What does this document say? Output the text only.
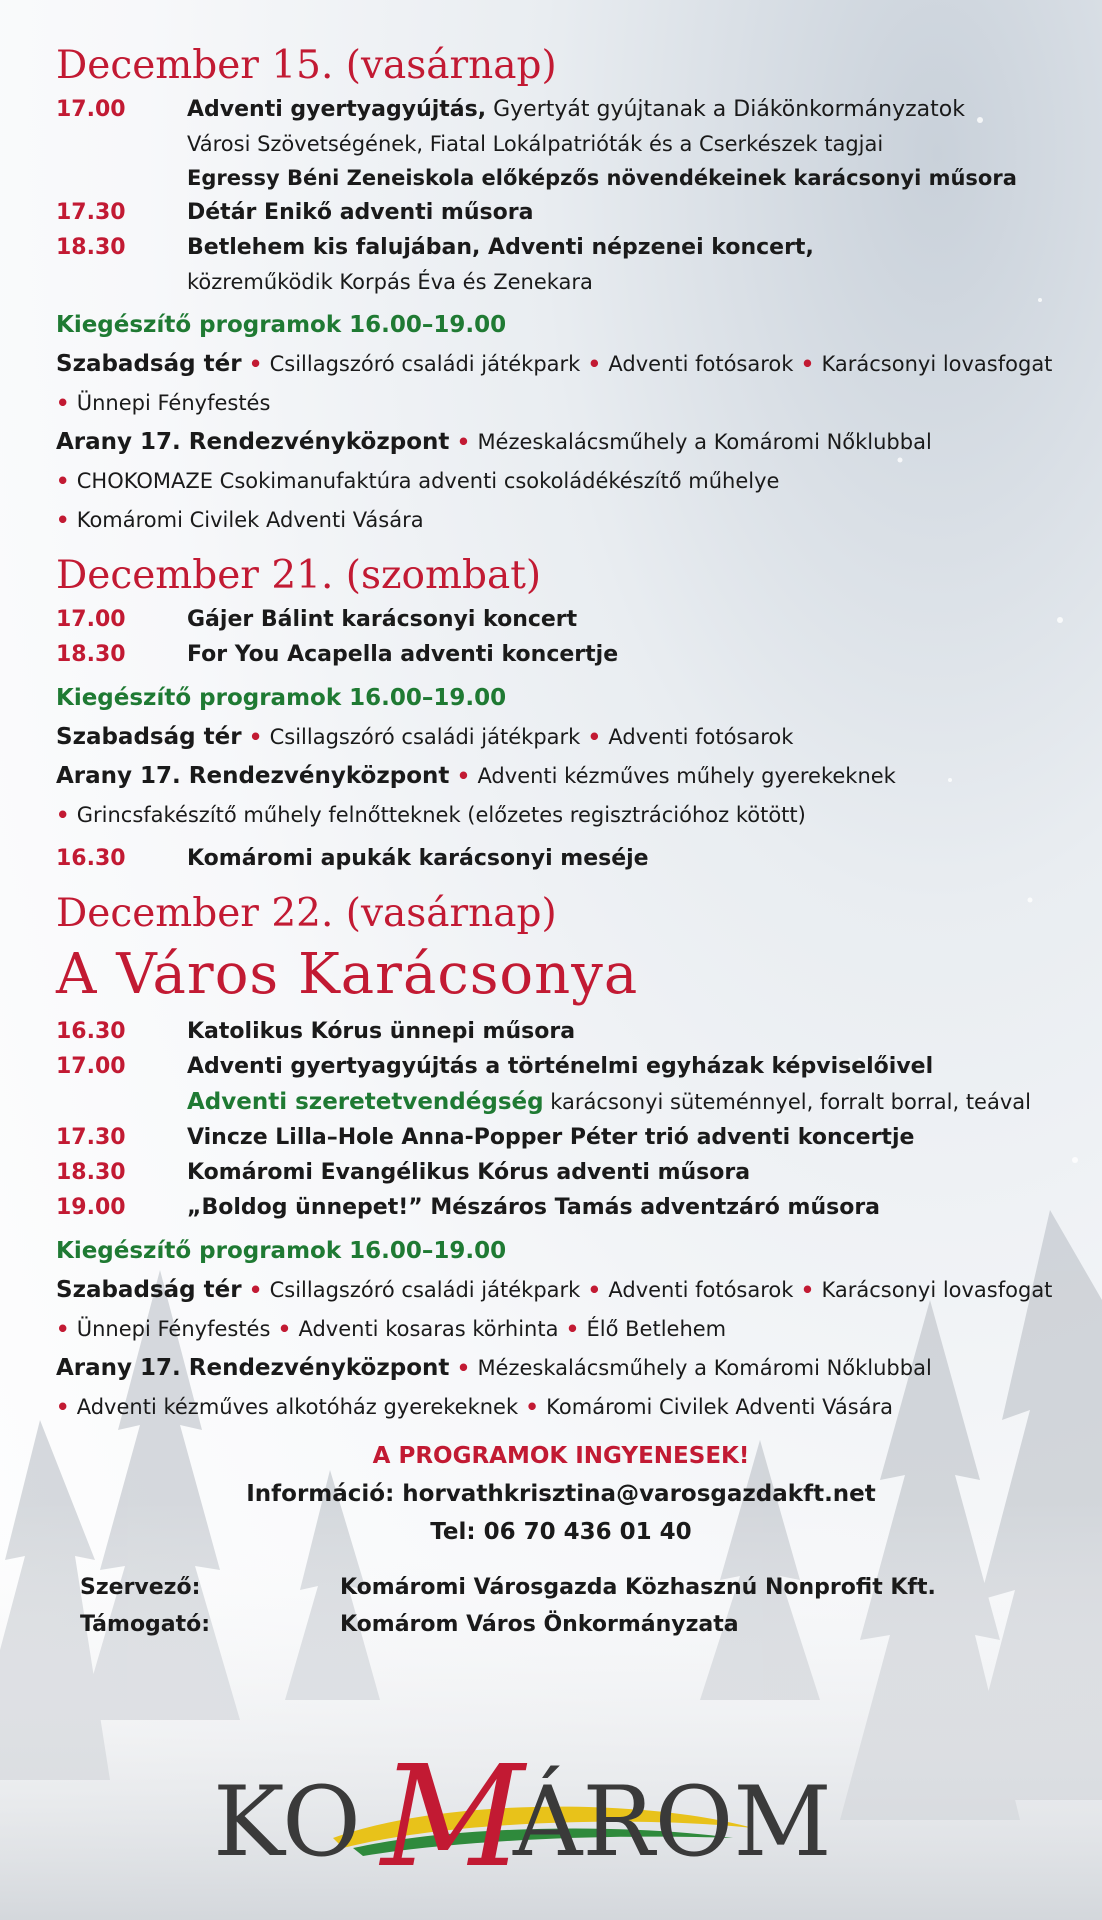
December 15. (vasárnap)
17.00	Adventi gyertyagyújtás, Gyertyát gyújtanak a Diákönkormányzatok
Városi Szövetségének, Fiatal Lokálpatrióták és a Cserkészek tagjai
Egressy Béni Zeneiskola előképzős növendékeinek karácsonyi műsora
17.30	Détár Enikő adventi műsora
18.30	Betlehem kis falujában, Adventi népzenei koncert,
közreműködik Korpás Éva és Zenekara
Kiegészítő programok 16.00–19.00
Szabadság tér • Csillagszóró családi játékpark • Adventi fotósarok • Karácsonyi lovasfogat
• Ünnepi Fényfestés
Arany 17. Rendezvényközpont • Mézeskalácsműhely a Komáromi Nőklubbal
• CHOKOMAZE Csokimanufaktúra adventi csokoládékészítő műhelye
• Komáromi Civilek Adventi Vására
December 21. (szombat)
17.00	Gájer Bálint karácsonyi koncert
18.30	For You Acapella adventi koncertje
Kiegészítő programok 16.00–19.00
Szabadság tér • Csillagszóró családi játékpark • Adventi fotósarok
Arany 17. Rendezvényközpont • Adventi kézműves műhely gyerekeknek
• Grincsfakészítő műhely felnőtteknek (előzetes regisztrációhoz kötött)
16.30	Komáromi apukák karácsonyi meséje
December 22. (vasárnap)
A Város Karácsonya
16.30	Katolikus Kórus ünnepi műsora
17.00	Adventi gyertyagyújtás a történelmi egyházak képviselőivel
Adventi szeretetvendégség karácsonyi süteménnyel, forralt borral, teával
17.30	Vincze Lilla–Hole Anna-Popper Péter trió adventi koncertje
18.30	Komáromi Evangélikus Kórus adventi műsora
19.00	„Boldog ünnepet!” Mészáros Tamás adventzáró műsora
Kiegészítő programok 16.00–19.00
Szabadság tér • Csillagszóró családi játékpark • Adventi fotósarok • Karácsonyi lovasfogat
• Ünnepi Fényfestés • Adventi kosaras körhinta • Élő Betlehem
Arany 17. Rendezvényközpont • Mézeskalácsműhely a Komáromi Nőklubbal
• Adventi kézműves alkotóház gyerekeknek • Komáromi Civilek Adventi Vására
A PROGRAMOK INGYENESEK!
Információ: horvathkrisztina@varosgazdakft.net
Tel: 06 70 436 01 40
Szervező:	Komáromi Városgazda Közhasznú Nonprofit Kft.
Támogató:	Komárom Város Önkormányzata
KO M
ÁROM
